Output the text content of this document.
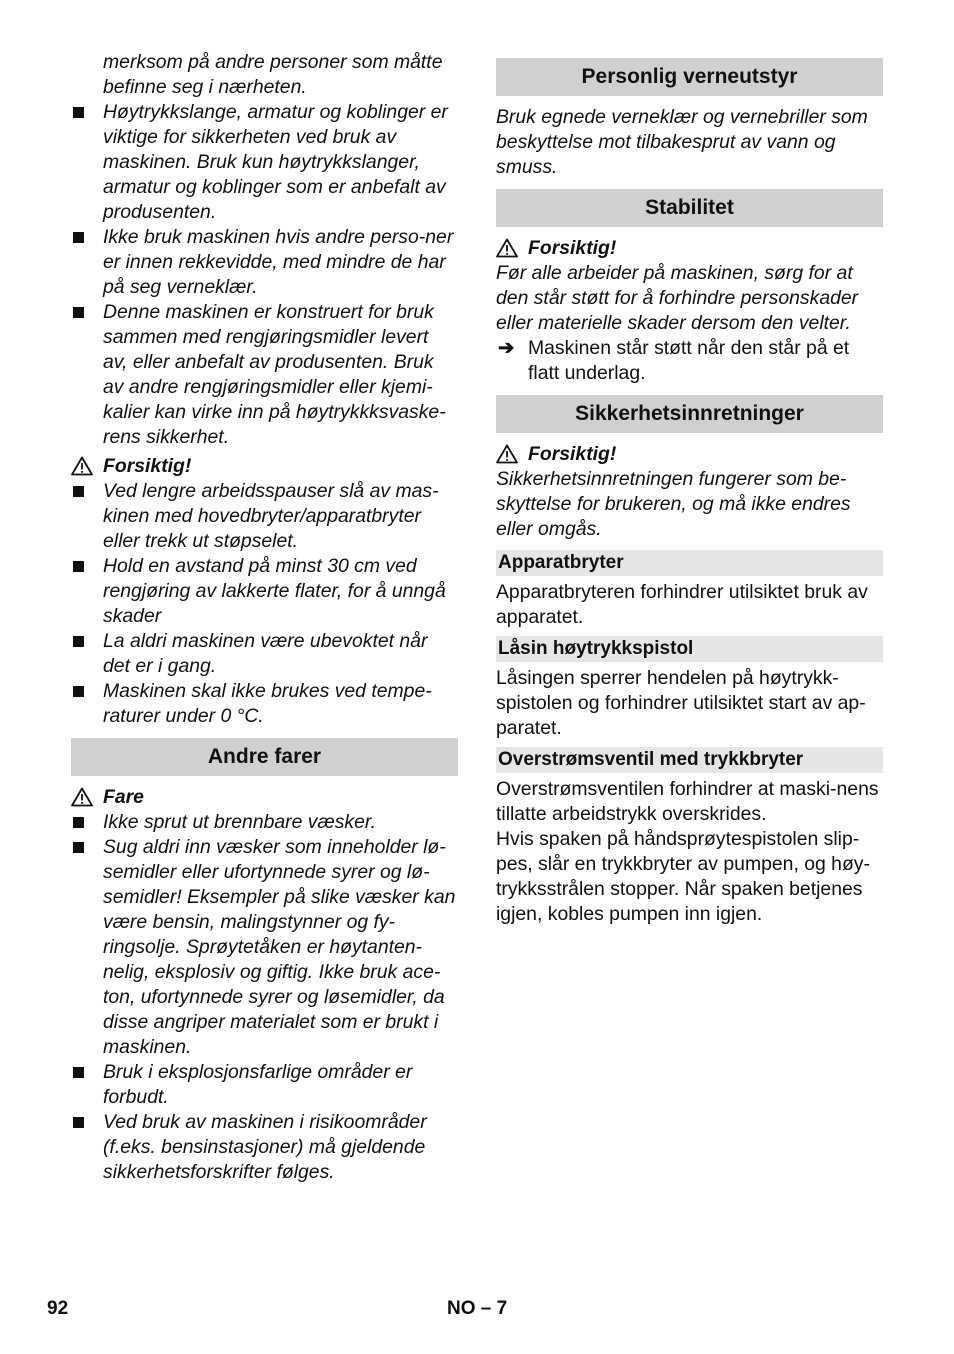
merksom på andre personer som måtte befinne seg i nærheten.

Høytrykkslange, armatur og koblinger er viktige for sikkerheten ved bruk av maskinen. Bruk kun høytrykkslanger, armatur og koblinger som er anbefalt av produsenten.
Ikke bruk maskinen hvis andre perso-ner er innen rekkevidde, med mindre de har på seg verneklær.
Denne maskinen er konstruert for bruk sammen med rengjøringsmidler levert av, eller anbefalt av produsenten. Bruk av andre rengjøringsmidler eller kjemi-kalier kan virke inn på høytrykkksvaske-rens sikkerhet.
Forsiktig!
Ved lengre arbeidsspauser slå av mas-kinen med hovedbryter/apparatbryter eller trekk ut støpselet.
Hold en avstand på minst 30 cm ved rengjøring av lakkerte flater, for å unngå skader
La aldri maskinen være ubevoktet når det er i gang.
Maskinen skal ikke brukes ved tempe-raturer under 0 °C.
Andre farer
Fare
Ikke sprut ut brennbare væsker.
Sug aldri inn væsker som inneholder lø-semidler eller ufortynnede syrer og lø-semidler! Eksempler på slike væsker kan være bensin, malingstynner og fy-ringsolje. Sprøytetåken er høytanten-nelig, eksplosiv og giftig. Ikke bruk ace-ton, ufortynnede syrer og løsemidler, da disse angriper materialet som er brukt i maskinen.
Bruk i eksplosjonsfarlige områder er forbudt.
Ved bruk av maskinen i risikoområder (f.eks. bensinstasjoner) må gjeldende sikkerhetsforskrifter følges.
Personlig verneutstyr

Bruk egnede verneklær og vernebriller som beskyttelse mot tilbakesprut av vann og smuss.

Stabilitet
Forsiktig!

Før alle arbeider på maskinen, sørg for at den står støtt for å forhindre personskader eller materielle skader dersom den velter.

➔ Maskinen står støtt når den står på et flatt underlag.
Sikkerhetsinnretninger
Forsiktig!

Sikkerhetsinnretningen fungerer som be-skyttelse for brukeren, og må ikke endres eller omgås.

Apparatbryter

Apparatbryteren forhindrer utilsiktet bruk av apparatet.

Låsin høytrykkspistol

Låsingen sperrer hendelen på høytrykk-spistolen og forhindrer utilsiktet start av ap-paratet.

Overstrømsventil med trykkbryter

Overstrømsventilen forhindrer at maski-nens tillatte arbeidstrykk overskrides.

Hvis spaken på håndsprøytespistolen slip-pes, slår en trykkbryter av pumpen, og høy-trykksstrålen stopper. Når spaken betjenes igjen, kobles pumpen inn igjen.

92	NO – 7
